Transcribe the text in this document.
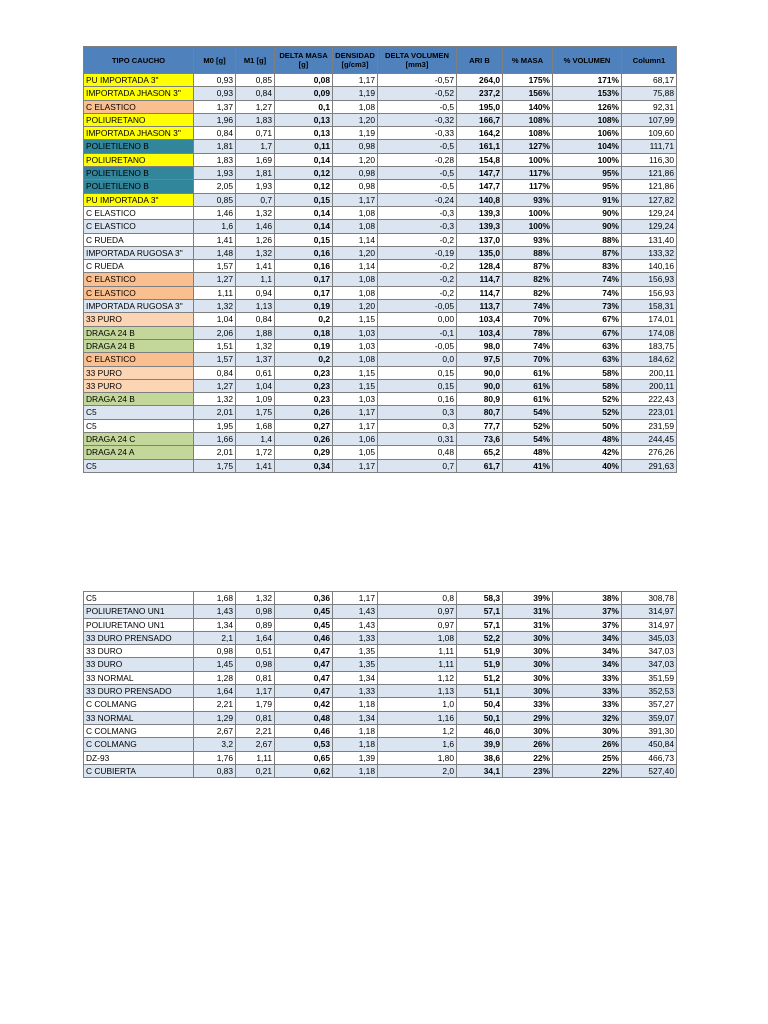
TIPO CAUCHO	M0 [g]	M1 [g]	DELTA MASA [g]	DENSIDAD [g/cm3]	DELTA VOLUMEN [mm3]	ARI B	% MASA	% VOLUMEN	Column1
PU IMPORTADA 3"	0,93	0,85	0,08	1,17	-0,57	264,0	175%	171%	68,17
IMPORTADA JHASON 3"	0,93	0,84	0,09	1,19	-0,52	237,2	156%	153%	75,88
C ELASTICO	1,37	1,27	0,1	1,08	-0,5	195,0	140%	126%	92,31
POLIURETANO	1,96	1,83	0,13	1,20	-0,32	166,7	108%	108%	107,99
IMPORTADA JHASON 3"	0,84	0,71	0,13	1,19	-0,33	164,2	108%	106%	109,60
POLIETILENO B	1,81	1,7	0,11	0,98	-0,5	161,1	127%	104%	111,71
POLIURETANO	1,83	1,69	0,14	1,20	-0,28	154,8	100%	100%	116,30
POLIETILENO B	1,93	1,81	0,12	0,98	-0,5	147,7	117%	95%	121,86
POLIETILENO B	2,05	1,93	0,12	0,98	-0,5	147,7	117%	95%	121,86
PU IMPORTADA 3"	0,85	0,7	0,15	1,17	-0,24	140,8	93%	91%	127,82
C ELASTICO	1,46	1,32	0,14	1,08	-0,3	139,3	100%	90%	129,24
C ELASTICO	1,6	1,46	0,14	1,08	-0,3	139,3	100%	90%	129,24
C RUEDA	1,41	1,26	0,15	1,14	-0,2	137,0	93%	88%	131,40
IMPORTADA RUGOSA 3"	1,48	1,32	0,16	1,20	-0,19	135,0	88%	87%	133,32
C RUEDA	1,57	1,41	0,16	1,14	-0,2	128,4	87%	83%	140,16
C ELASTICO	1,27	1,1	0,17	1,08	-0,2	114,7	82%	74%	156,93
C ELASTICO	1,11	0,94	0,17	1,08	-0,2	114,7	82%	74%	156,93
IMPORTADA RUGOSA 3"	1,32	1,13	0,19	1,20	-0,05	113,7	74%	73%	158,31
33 PURO	1,04	0,84	0,2	1,15	0,00	103,4	70%	67%	174,01
DRAGA 24 B	2,06	1,88	0,18	1,03	-0,1	103,4	78%	67%	174,08
DRAGA 24 B	1,51	1,32	0,19	1,03	-0,05	98,0	74%	63%	183,75
C ELASTICO	1,57	1,37	0,2	1,08	0,0	97,5	70%	63%	184,62
33 PURO	0,84	0,61	0,23	1,15	0,15	90,0	61%	58%	200,11
33 PURO	1,27	1,04	0,23	1,15	0,15	90,0	61%	58%	200,11
DRAGA 24 B	1,32	1,09	0,23	1,03	0,16	80,9	61%	52%	222,43
C5	2,01	1,75	0,26	1,17	0,3	80,7	54%	52%	223,01
C5	1,95	1,68	0,27	1,17	0,3	77,7	52%	50%	231,59
DRAGA 24 C	1,66	1,4	0,26	1,06	0,31	73,6	54%	48%	244,45
DRAGA 24 A	2,01	1,72	0,29	1,05	0,48	65,2	48%	42%	276,26
C5	1,75	1,41	0,34	1,17	0,7	61,7	41%	40%	291,63
C5	1,68	1,32	0,36	1,17	0,8	58,3	39%	38%	308,78
POLIURETANO UN1	1,43	0,98	0,45	1,43	0,97	57,1	31%	37%	314,97
POLIURETANO UN1	1,34	0,89	0,45	1,43	0,97	57,1	31%	37%	314,97
33 DURO PRENSADO	2,1	1,64	0,46	1,33	1,08	52,2	30%	34%	345,03
33 DURO	0,98	0,51	0,47	1,35	1,11	51,9	30%	34%	347,03
33 DURO	1,45	0,98	0,47	1,35	1,11	51,9	30%	34%	347,03
33 NORMAL	1,28	0,81	0,47	1,34	1,12	51,2	30%	33%	351,59
33 DURO PRENSADO	1,64	1,17	0,47	1,33	1,13	51,1	30%	33%	352,53
C COLMANG	2,21	1,79	0,42	1,18	1,0	50,4	33%	33%	357,27
33 NORMAL	1,29	0,81	0,48	1,34	1,16	50,1	29%	32%	359,07
C COLMANG	2,67	2,21	0,46	1,18	1,2	46,0	30%	30%	391,30
C COLMANG	3,2	2,67	0,53	1,18	1,6	39,9	26%	26%	450,84
DZ-93	1,76	1,11	0,65	1,39	1,80	38,6	22%	25%	466,73
C CUBIERTA	0,83	0,21	0,62	1,18	2,0	34,1	23%	22%	527,40
